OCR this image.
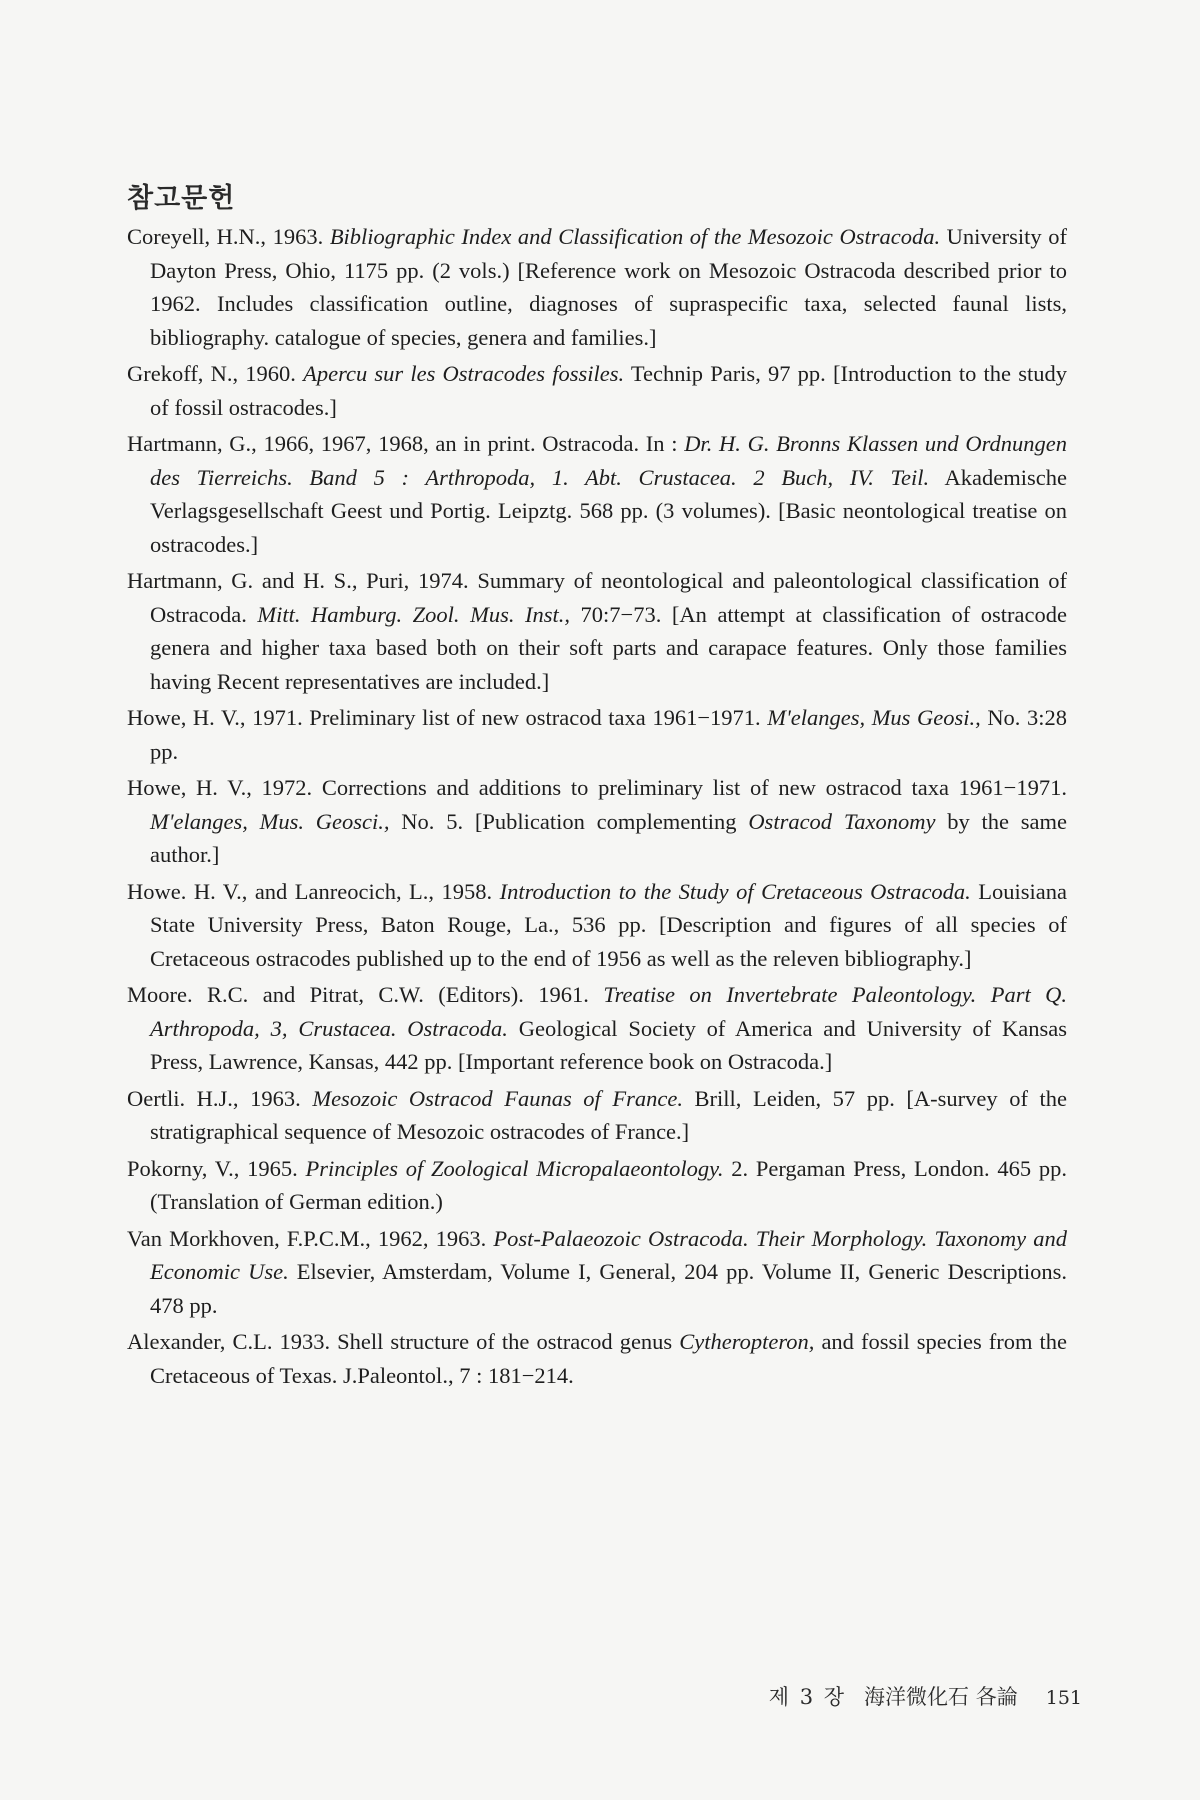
참고문헌

Coreyell, H.N., 1963. Bibliographic Index and Classification of the Mesozoic Ostracoda. University of Dayton Press, Ohio, 1175 pp. (2 vols.) [Reference work on Mesozoic Ostracoda described prior to 1962. Includes classification outline, diagnoses of supraspecific taxa, selected faunal lists, bibliography. catalogue of species, genera and families.]

Grekoff, N., 1960. Apercu sur les Ostracodes fossiles. Technip Paris, 97 pp. [Introduction to the study of fossil ostracodes.]

Hartmann, G., 1966, 1967, 1968, an in print. Ostracoda. In : Dr. H. G. Bronns Klassen und Ordnungen des Tierreichs. Band 5 : Arthropoda, 1. Abt. Crustacea. 2 Buch, IV. Teil. Akademische Verlagsgesellschaft Geest und Portig. Leipztg. 568 pp. (3 volumes). [Basic neontological treatise on ostracodes.]

Hartmann, G. and H. S., Puri, 1974. Summary of neontological and paleontological classification of Ostracoda. Mitt. Hamburg. Zool. Mus. Inst., 70:7−73. [An attempt at classification of ostracode genera and higher taxa based both on their soft parts and carapace features. Only those families having Recent representatives are included.]

Howe, H. V., 1971. Preliminary list of new ostracod taxa 1961−1971. M'elanges, Mus Geosi., No. 3:28 pp.

Howe, H. V., 1972. Corrections and additions to preliminary list of new ostracod taxa 1961−1971. M'elanges, Mus. Geosci., No. 5. [Publication complementing Ostracod Taxonomy by the same author.]

Howe. H. V., and Lanreocich, L., 1958. Introduction to the Study of Cretaceous Ostracoda. Louisiana State University Press, Baton Rouge, La., 536 pp. [Description and figures of all species of Cretaceous ostracodes published up to the end of 1956 as well as the releven bibliography.]

Moore. R.C. and Pitrat, C.W. (Editors). 1961. Treatise on Invertebrate Paleontology. Part Q. Arthropoda, 3, Crustacea. Ostracoda. Geological Society of America and University of Kansas Press, Lawrence, Kansas, 442 pp. [Important reference book on Ostracoda.]

Oertli. H.J., 1963. Mesozoic Ostracod Faunas of France. Brill, Leiden, 57 pp. [A-survey of the stratigraphical sequence of Mesozoic ostracodes of France.]

Pokorny, V., 1965. Principles of Zoological Micropalaeontology. 2. Pergaman Press, London. 465 pp. (Translation of German edition.)

Van Morkhoven, F.P.C.M., 1962, 1963. Post-Palaeozoic Ostracoda. Their Morphology. Taxonomy and Economic Use. Elsevier, Amsterdam, Volume I, General, 204 pp. Volume II, Generic Descriptions. 478 pp.

Alexander, C.L. 1933. Shell structure of the ostracod genus Cytheropteron, and fossil species from the Cretaceous of Texas. J.Paleontol., 7 : 181−214.

제 3 장 海洋微化石 各論 151
